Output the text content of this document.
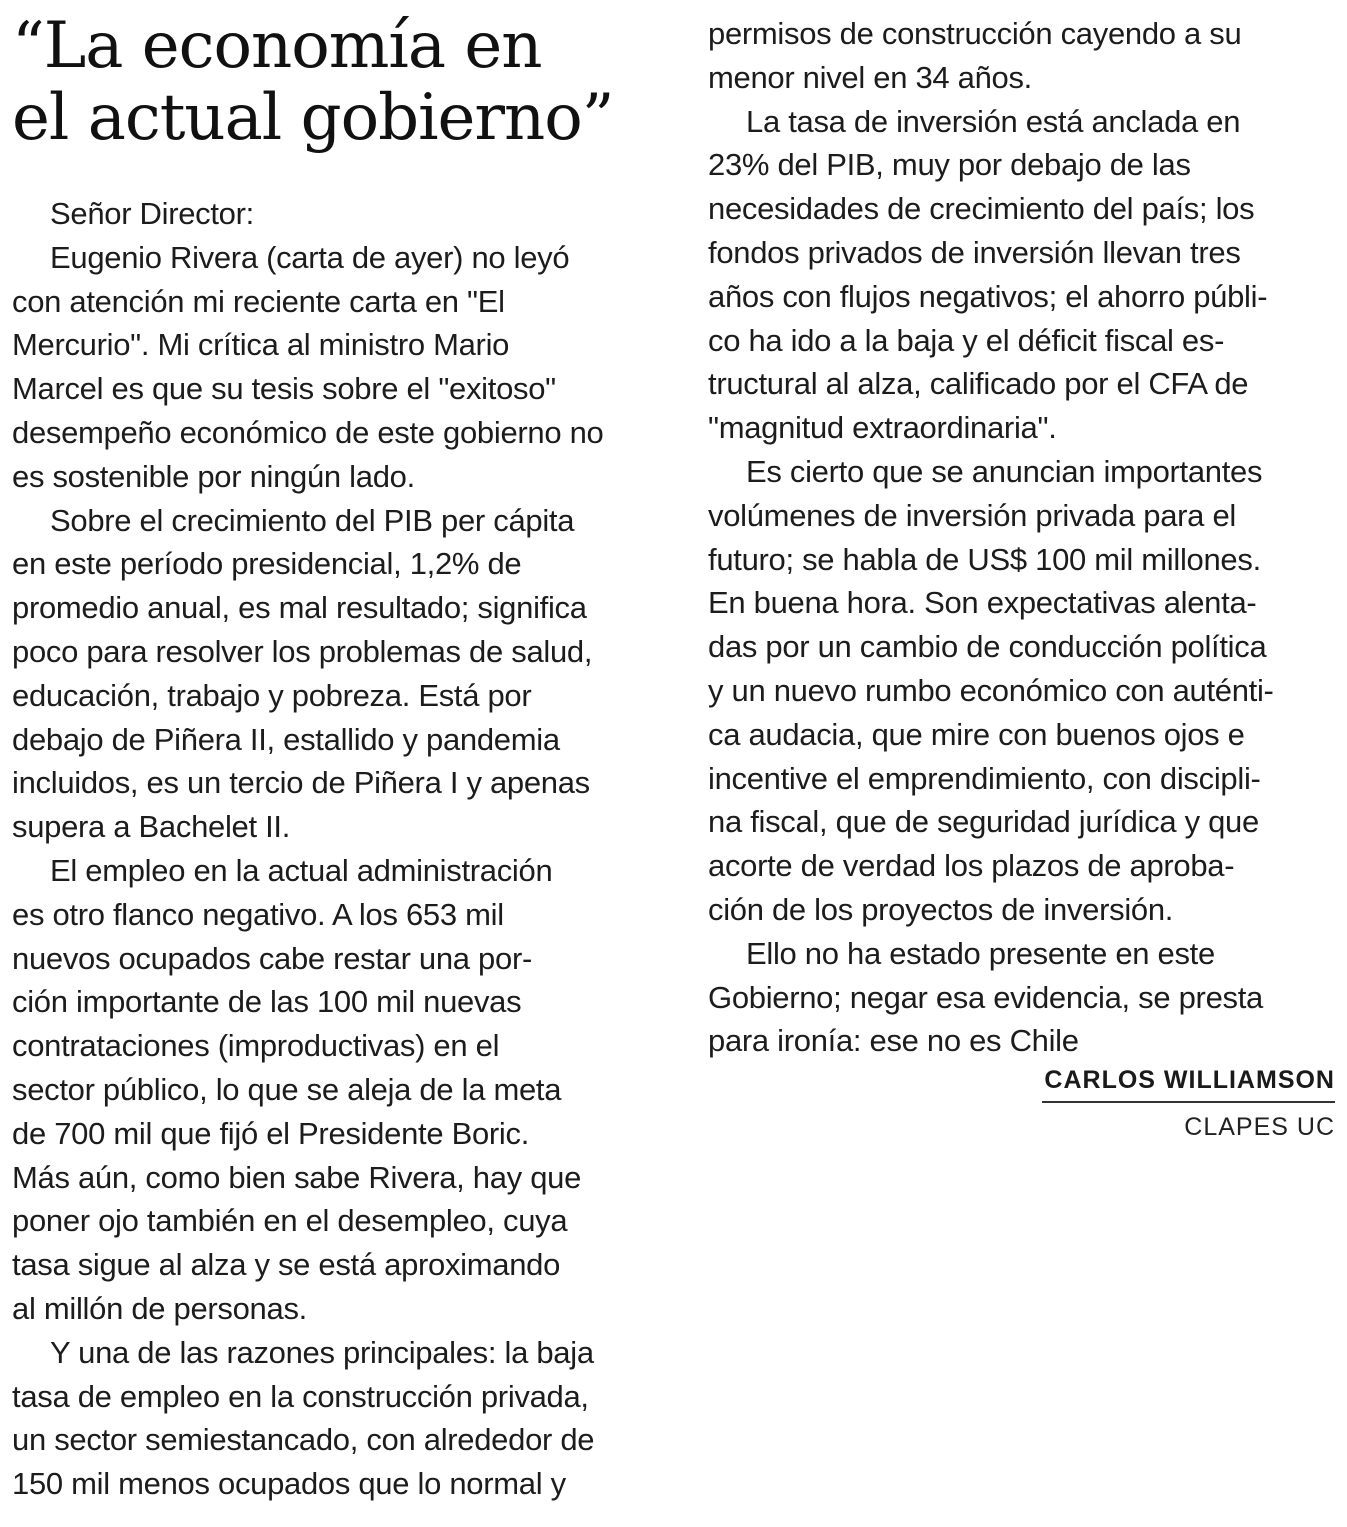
“La economía en
el actual gobierno”
Señor Director:
Eugenio Rivera (carta de ayer) no leyó
con atención mi reciente carta en "El
Mercurio". Mi crítica al ministro Mario
Marcel es que su tesis sobre el "exitoso"
desempeño económico de este gobierno no
es sostenible por ningún lado.
Sobre el crecimiento del PIB per cápita
en este período presidencial, 1,2% de
promedio anual, es mal resultado; significa
poco para resolver los problemas de salud,
educación, trabajo y pobreza. Está por
debajo de Piñera II, estallido y pandemia
incluidos, es un tercio de Piñera I y apenas
supera a Bachelet II.
El empleo en la actual administración
es otro flanco negativo. A los 653 mil
nuevos ocupados cabe restar una por-
ción importante de las 100 mil nuevas
contrataciones (improductivas) en el
sector público, lo que se aleja de la meta
de 700 mil que fijó el Presidente Boric.
Más aún, como bien sabe Rivera, hay que
poner ojo también en el desempleo, cuya
tasa sigue al alza y se está aproximando
al millón de personas.
Y una de las razones principales: la baja
tasa de empleo en la construcción privada,
un sector semiestancado, con alrededor de
150 mil menos ocupados que lo normal y
permisos de construcción cayendo a su
menor nivel en 34 años.
La tasa de inversión está anclada en
23% del PIB, muy por debajo de las
necesidades de crecimiento del país; los
fondos privados de inversión llevan tres
años con flujos negativos; el ahorro públi-
co ha ido a la baja y el déficit fiscal es-
tructural al alza, calificado por el CFA de
"magnitud extraordinaria".
Es cierto que se anuncian importantes
volúmenes de inversión privada para el
futuro; se habla de US$ 100 mil millones.
En buena hora. Son expectativas alenta-
das por un cambio de conducción política
y un nuevo rumbo económico con auténti-
ca audacia, que mire con buenos ojos e
incentive el emprendimiento, con discipli-
na fiscal, que de seguridad jurídica y que
acorte de verdad los plazos de aproba-
ción de los proyectos de inversión.
Ello no ha estado presente en este
Gobierno; negar esa evidencia, se presta
para ironía: ese no es Chile
CARLOS WILLIAMSON
CLAPES UC
